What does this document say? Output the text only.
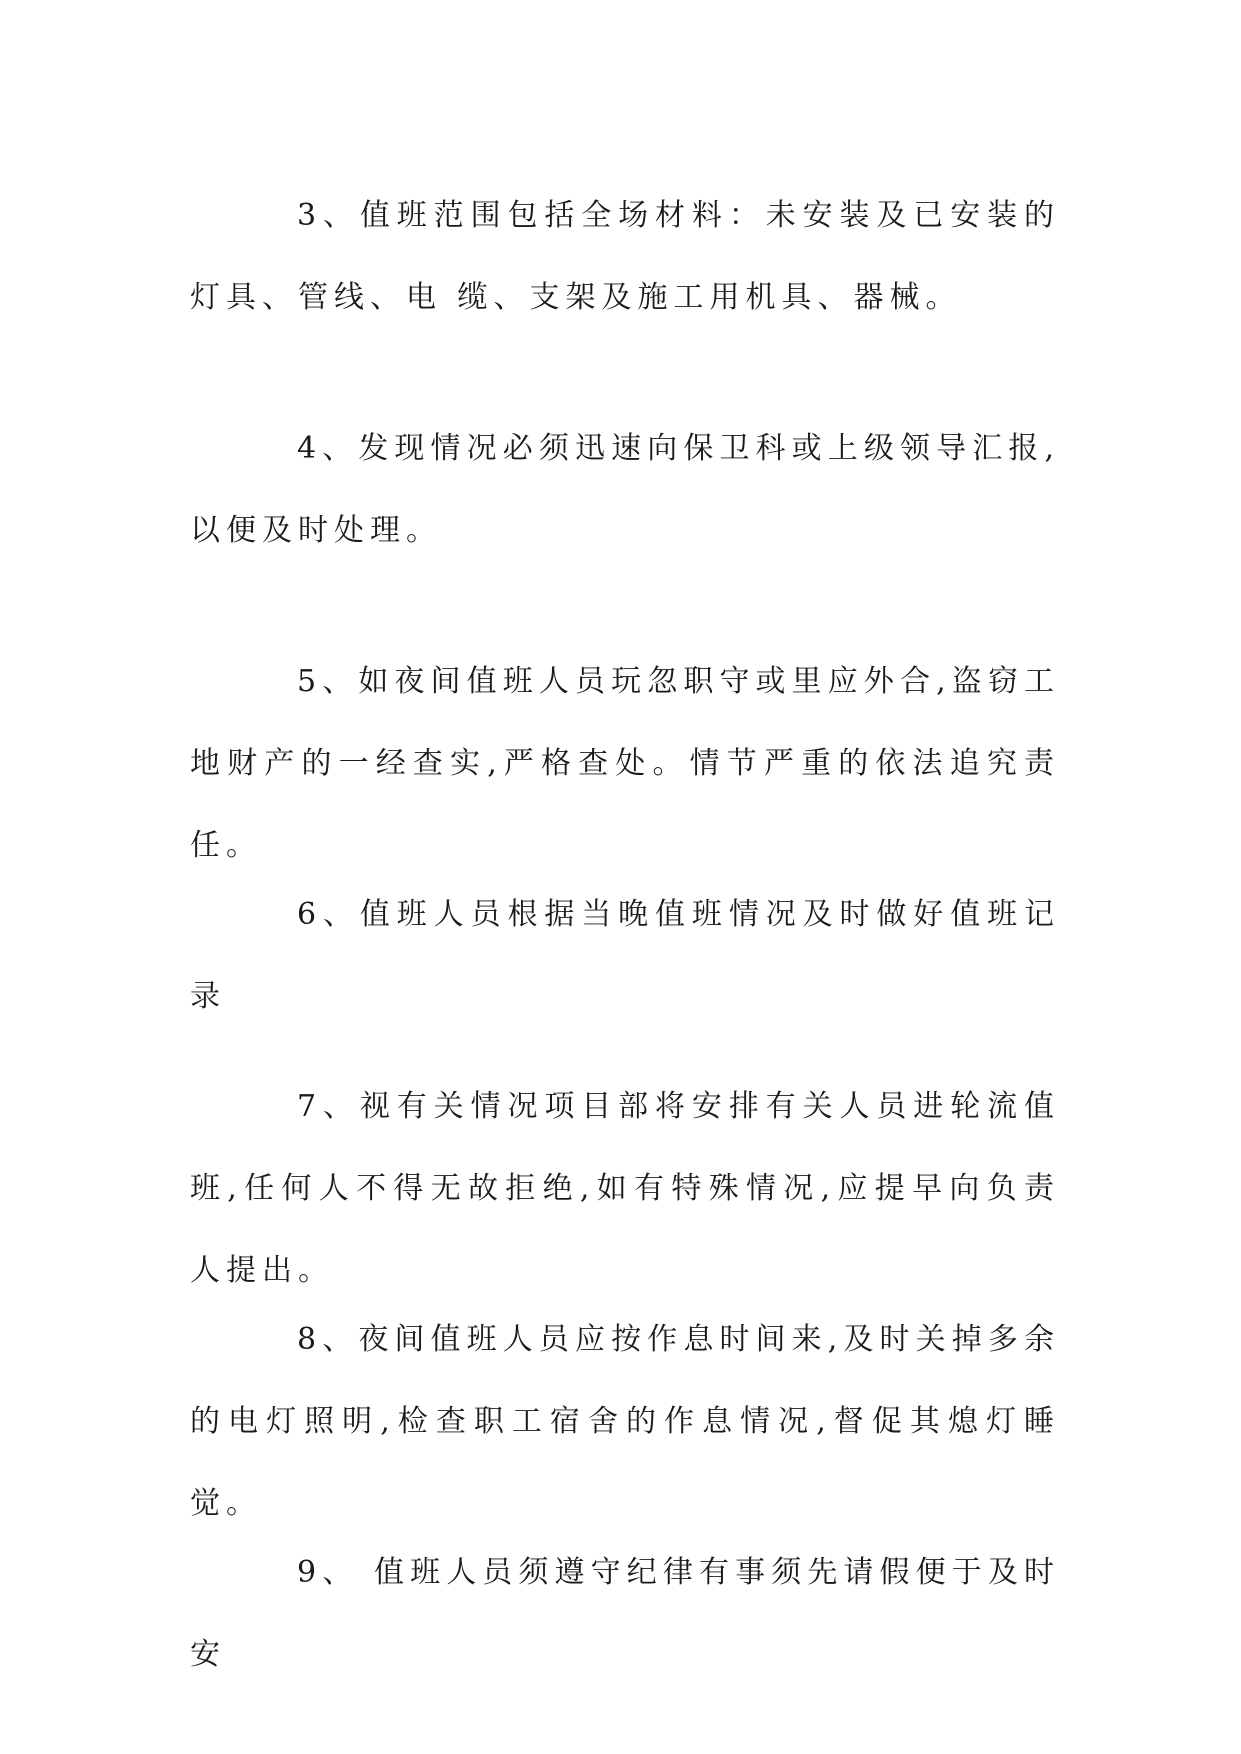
3、值班范围包括全场材料：未安装及已安装的灯具、管线、电 缆、支架及施工用机具、器械。

4、发现情况必须迅速向保卫科或上级领导汇报,以便及时处理。

5、如夜间值班人员玩忽职守或里应外合,盗窃工地财产的一经查实,严格查处。情节严重的依法追究责任。

6、值班人员根据当晚值班情况及时做好值班记录

7、视有关情况项目部将安排有关人员进轮流值班,任何人不得无故拒绝,如有特殊情况,应提早向负责人提出。

8、夜间值班人员应按作息时间来,及时关掉多余的电灯照明,检查职工宿舍的作息情况,督促其熄灯睡觉。

9、 值班人员须遵守纪律有事须先请假便于及时安
